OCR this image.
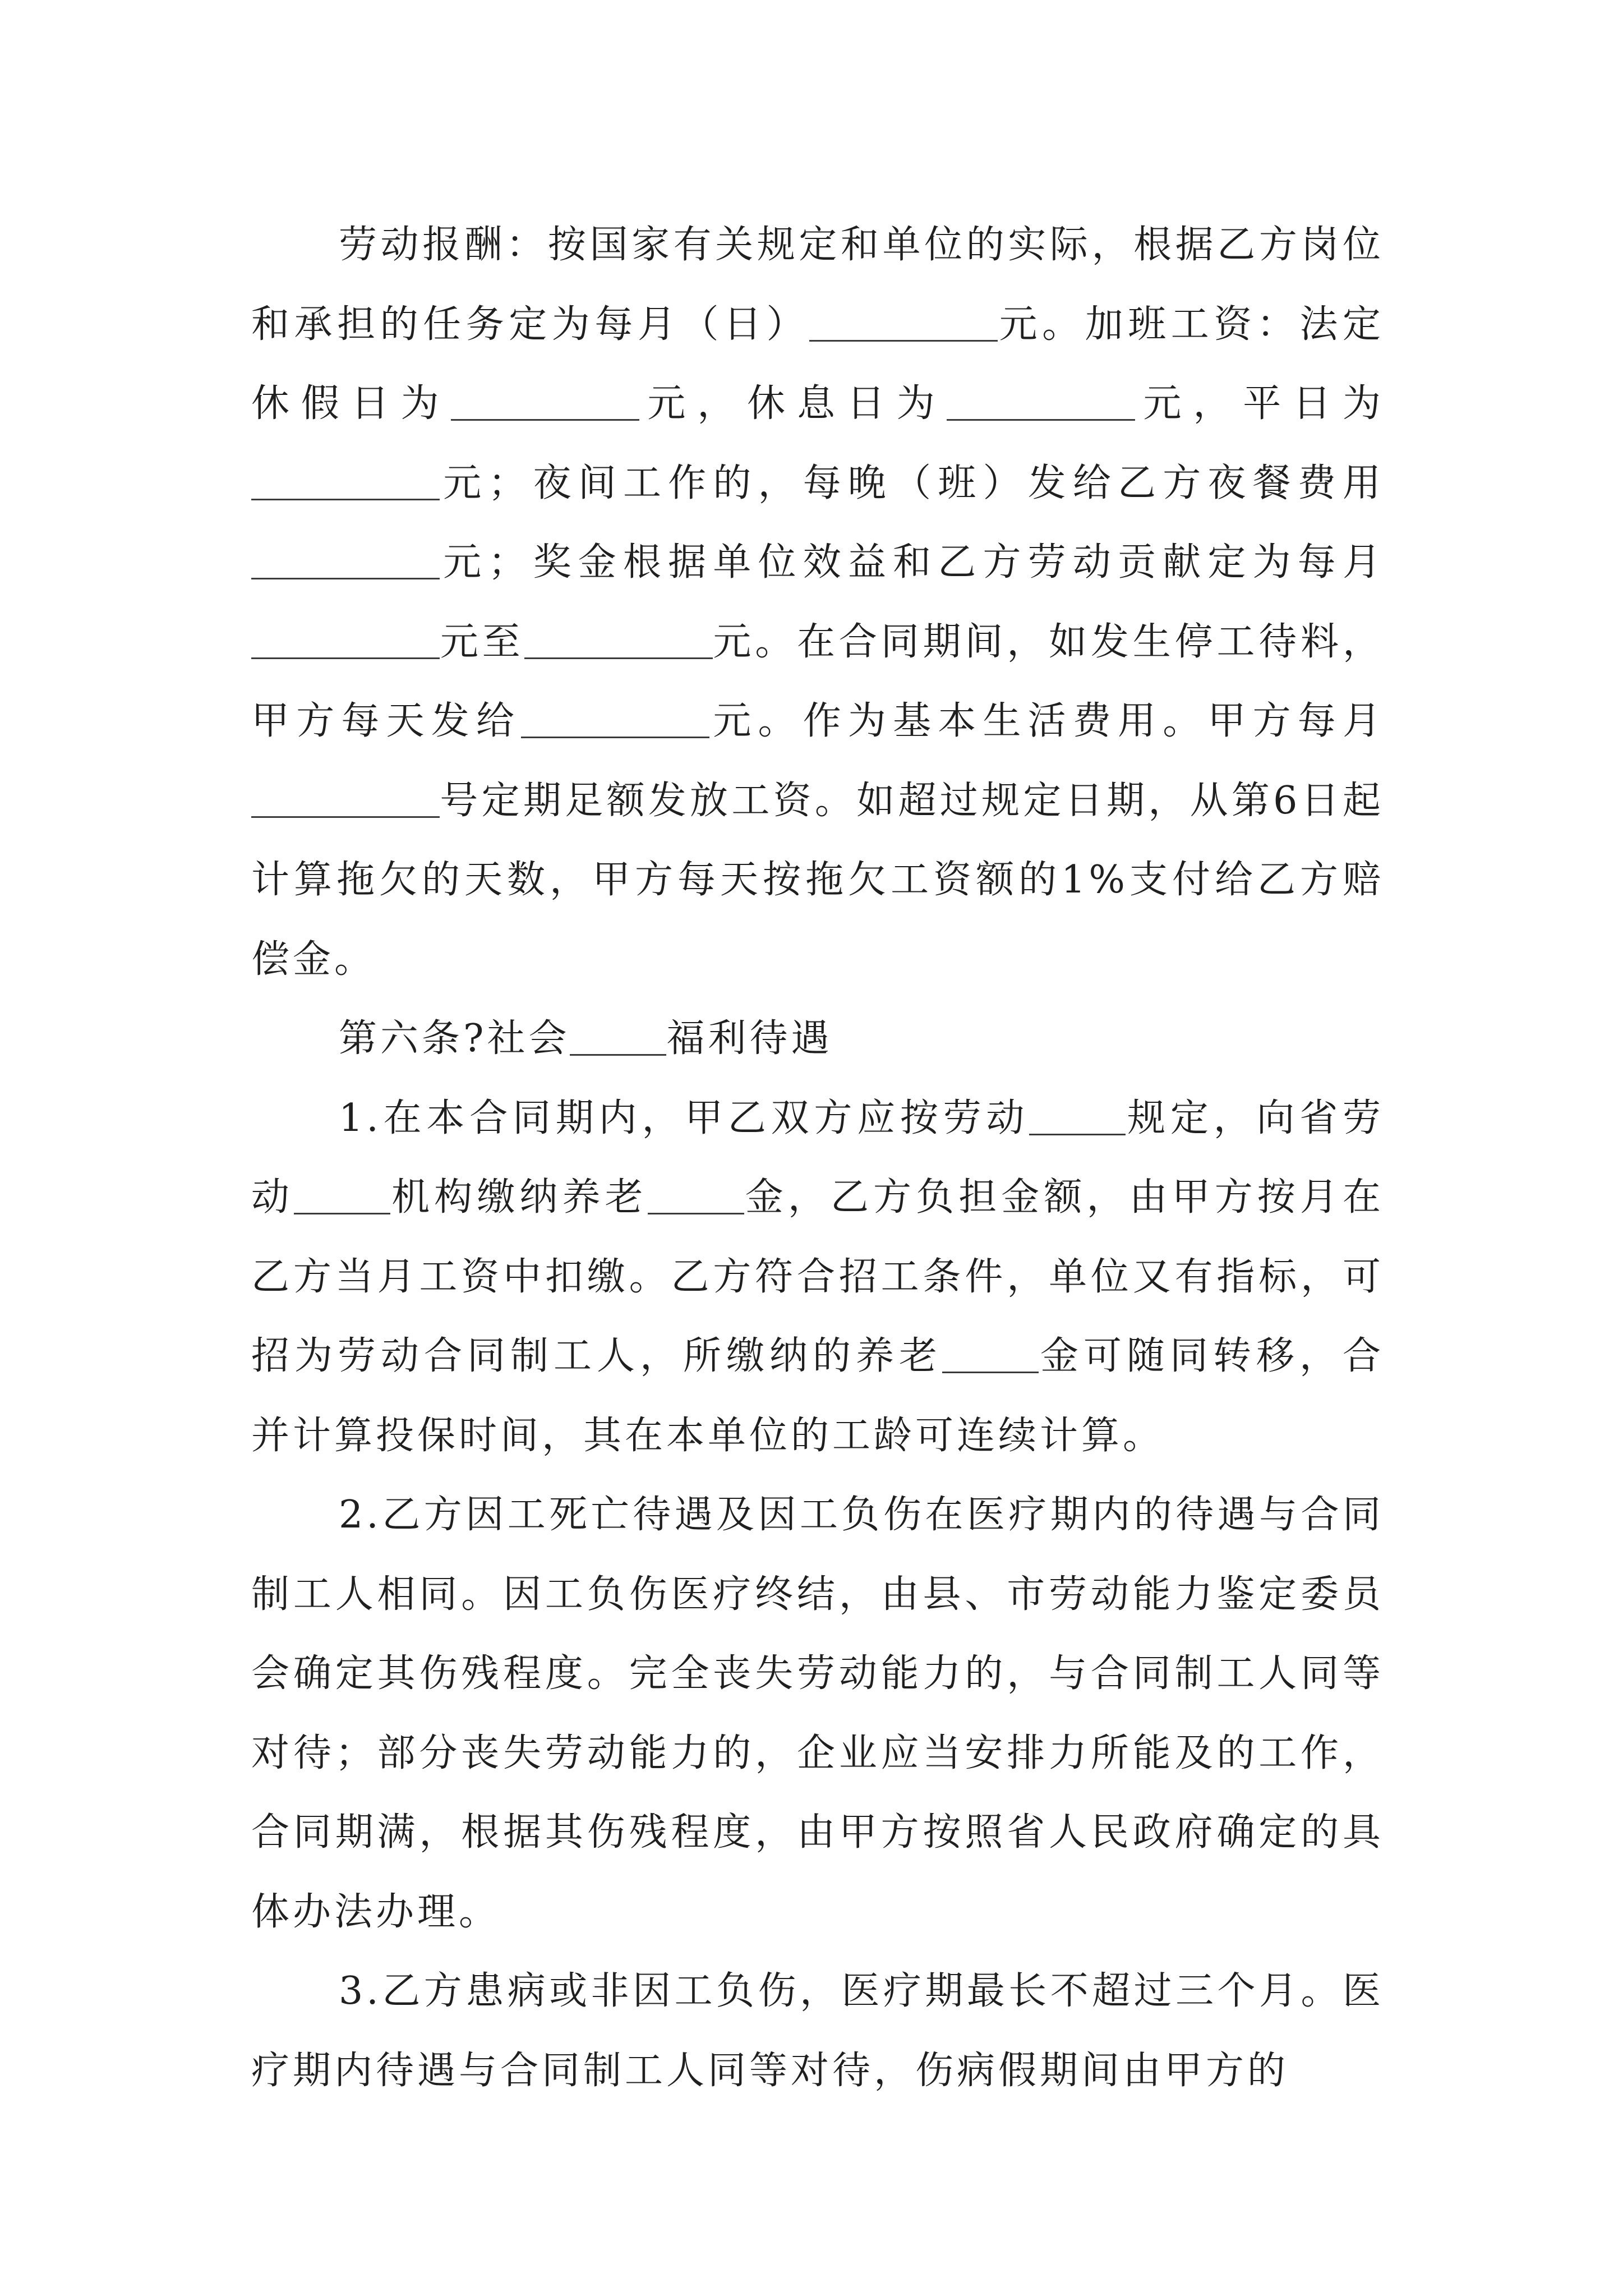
劳动报酬：按国家有关规定和单位的实际，根据乙方岗位和承担的任务定为每月（日）	元。加班工资：法定休假日为	元，休息日为	元，平日为元；夜间工作的，每晚（班）发给乙方夜餐费用元；奖金根据单位效益和乙方劳动贡献定为每月元至	元。在合同期间，如发生停工待料，甲方每天发给	元。作为基本生活费用。甲方每月号定期足额发放工资。如超过规定日期，从第6日起计算拖欠的天数，甲方每天按拖欠工资额的1%支付给乙方赔偿金。

第六条?社会	福利待遇

1.在本合同期内，甲乙双方应按劳动	规定，向省劳动	机构缴纳养老	金，乙方负担金额，由甲方按月在乙方当月工资中扣缴。乙方符合招工条件，单位又有指标，可招为劳动合同制工人，所缴纳的养老	金可随同转移，合并计算投保时间，其在本单位的工龄可连续计算。

2.乙方因工死亡待遇及因工负伤在医疗期内的待遇与合同制工人相同。因工负伤医疗终结，由县、市劳动能力鉴定委员会确定其伤残程度。完全丧失劳动能力的，与合同制工人同等对待；部分丧失劳动能力的，企业应当安排力所能及的工作，合同期满，根据其伤残程度，由甲方按照省人民政府确定的具体办法办理。

3.乙方患病或非因工负伤，医疗期最长不超过三个月。医疗期内待遇与合同制工人同等对待，伤病假期间由甲方的
